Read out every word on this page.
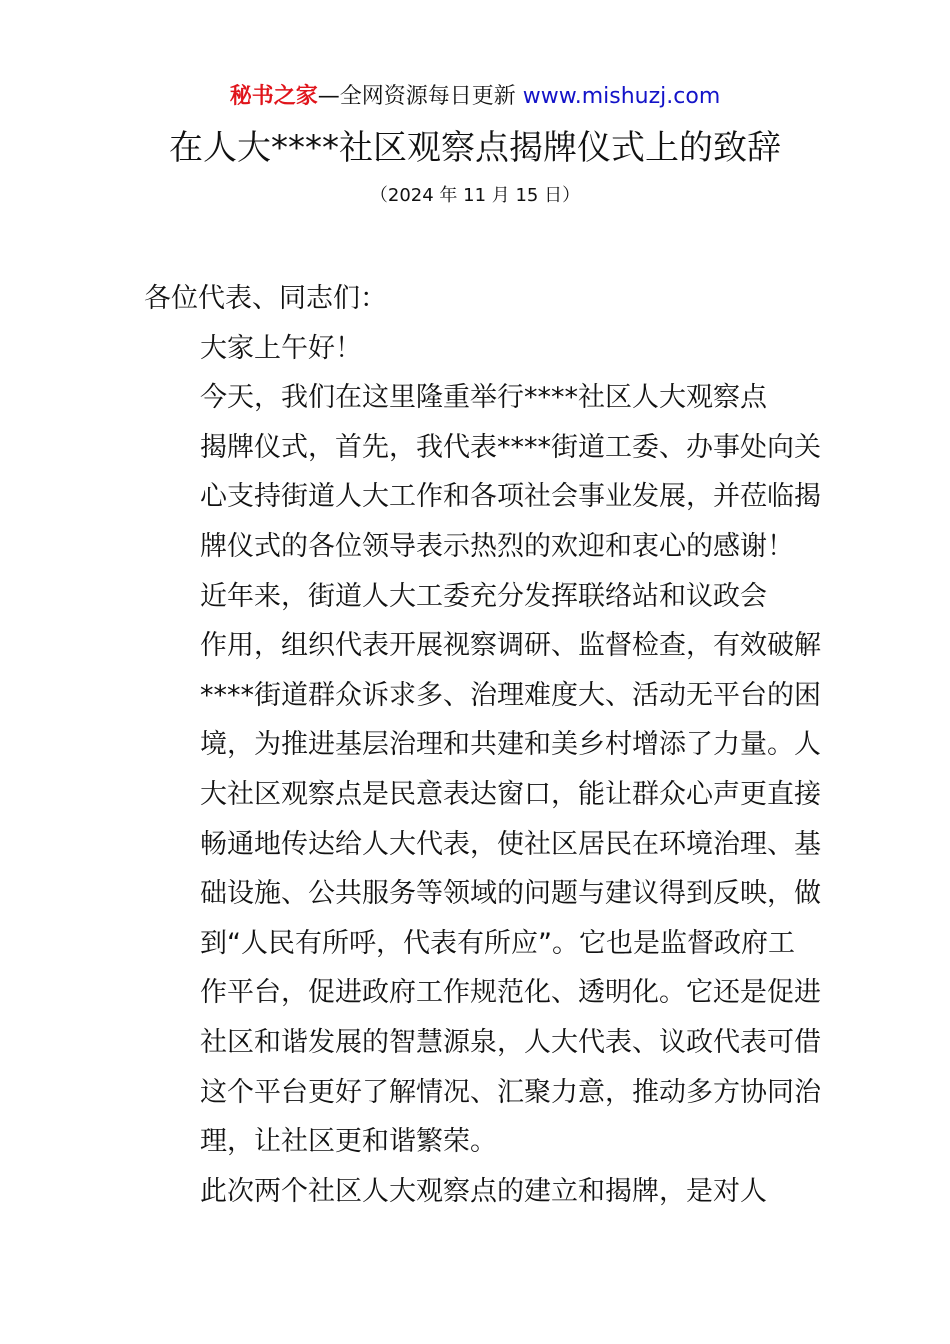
秘书之家—全网资源每日更新 www.mishuzj.com
在人大****社区观察点揭牌仪式上的致辞
（2024 年 11 月 15 日）

各位代表、同志们：

大家上午好！

今天，我们在这里隆重举行****社区人大观察点
揭牌仪式，首先，我代表****街道工委、办事处向关
心支持街道人大工作和各项社会事业发展，并莅临揭
牌仪式的各位领导表示热烈的欢迎和衷心的感谢！

近年来，街道人大工委充分发挥联络站和议政会
作用，组织代表开展视察调研、监督检查，有效破解
****街道群众诉求多、治理难度大、活动无平台的困
境，为推进基层治理和共建和美乡村增添了力量。人
大社区观察点是民意表达窗口，能让群众心声更直接
畅通地传达给人大代表，使社区居民在环境治理、基
础设施、公共服务等领域的问题与建议得到反映，做
到“人民有所呼，代表有所应”。它也是监督政府工
作平台，促进政府工作规范化、透明化。它还是促进
社区和谐发展的智慧源泉，人大代表、议政代表可借
这个平台更好了解情况、汇聚力意，推动多方协同治
理，让社区更和谐繁荣。

此次两个社区人大观察点的建立和揭牌，是对人
